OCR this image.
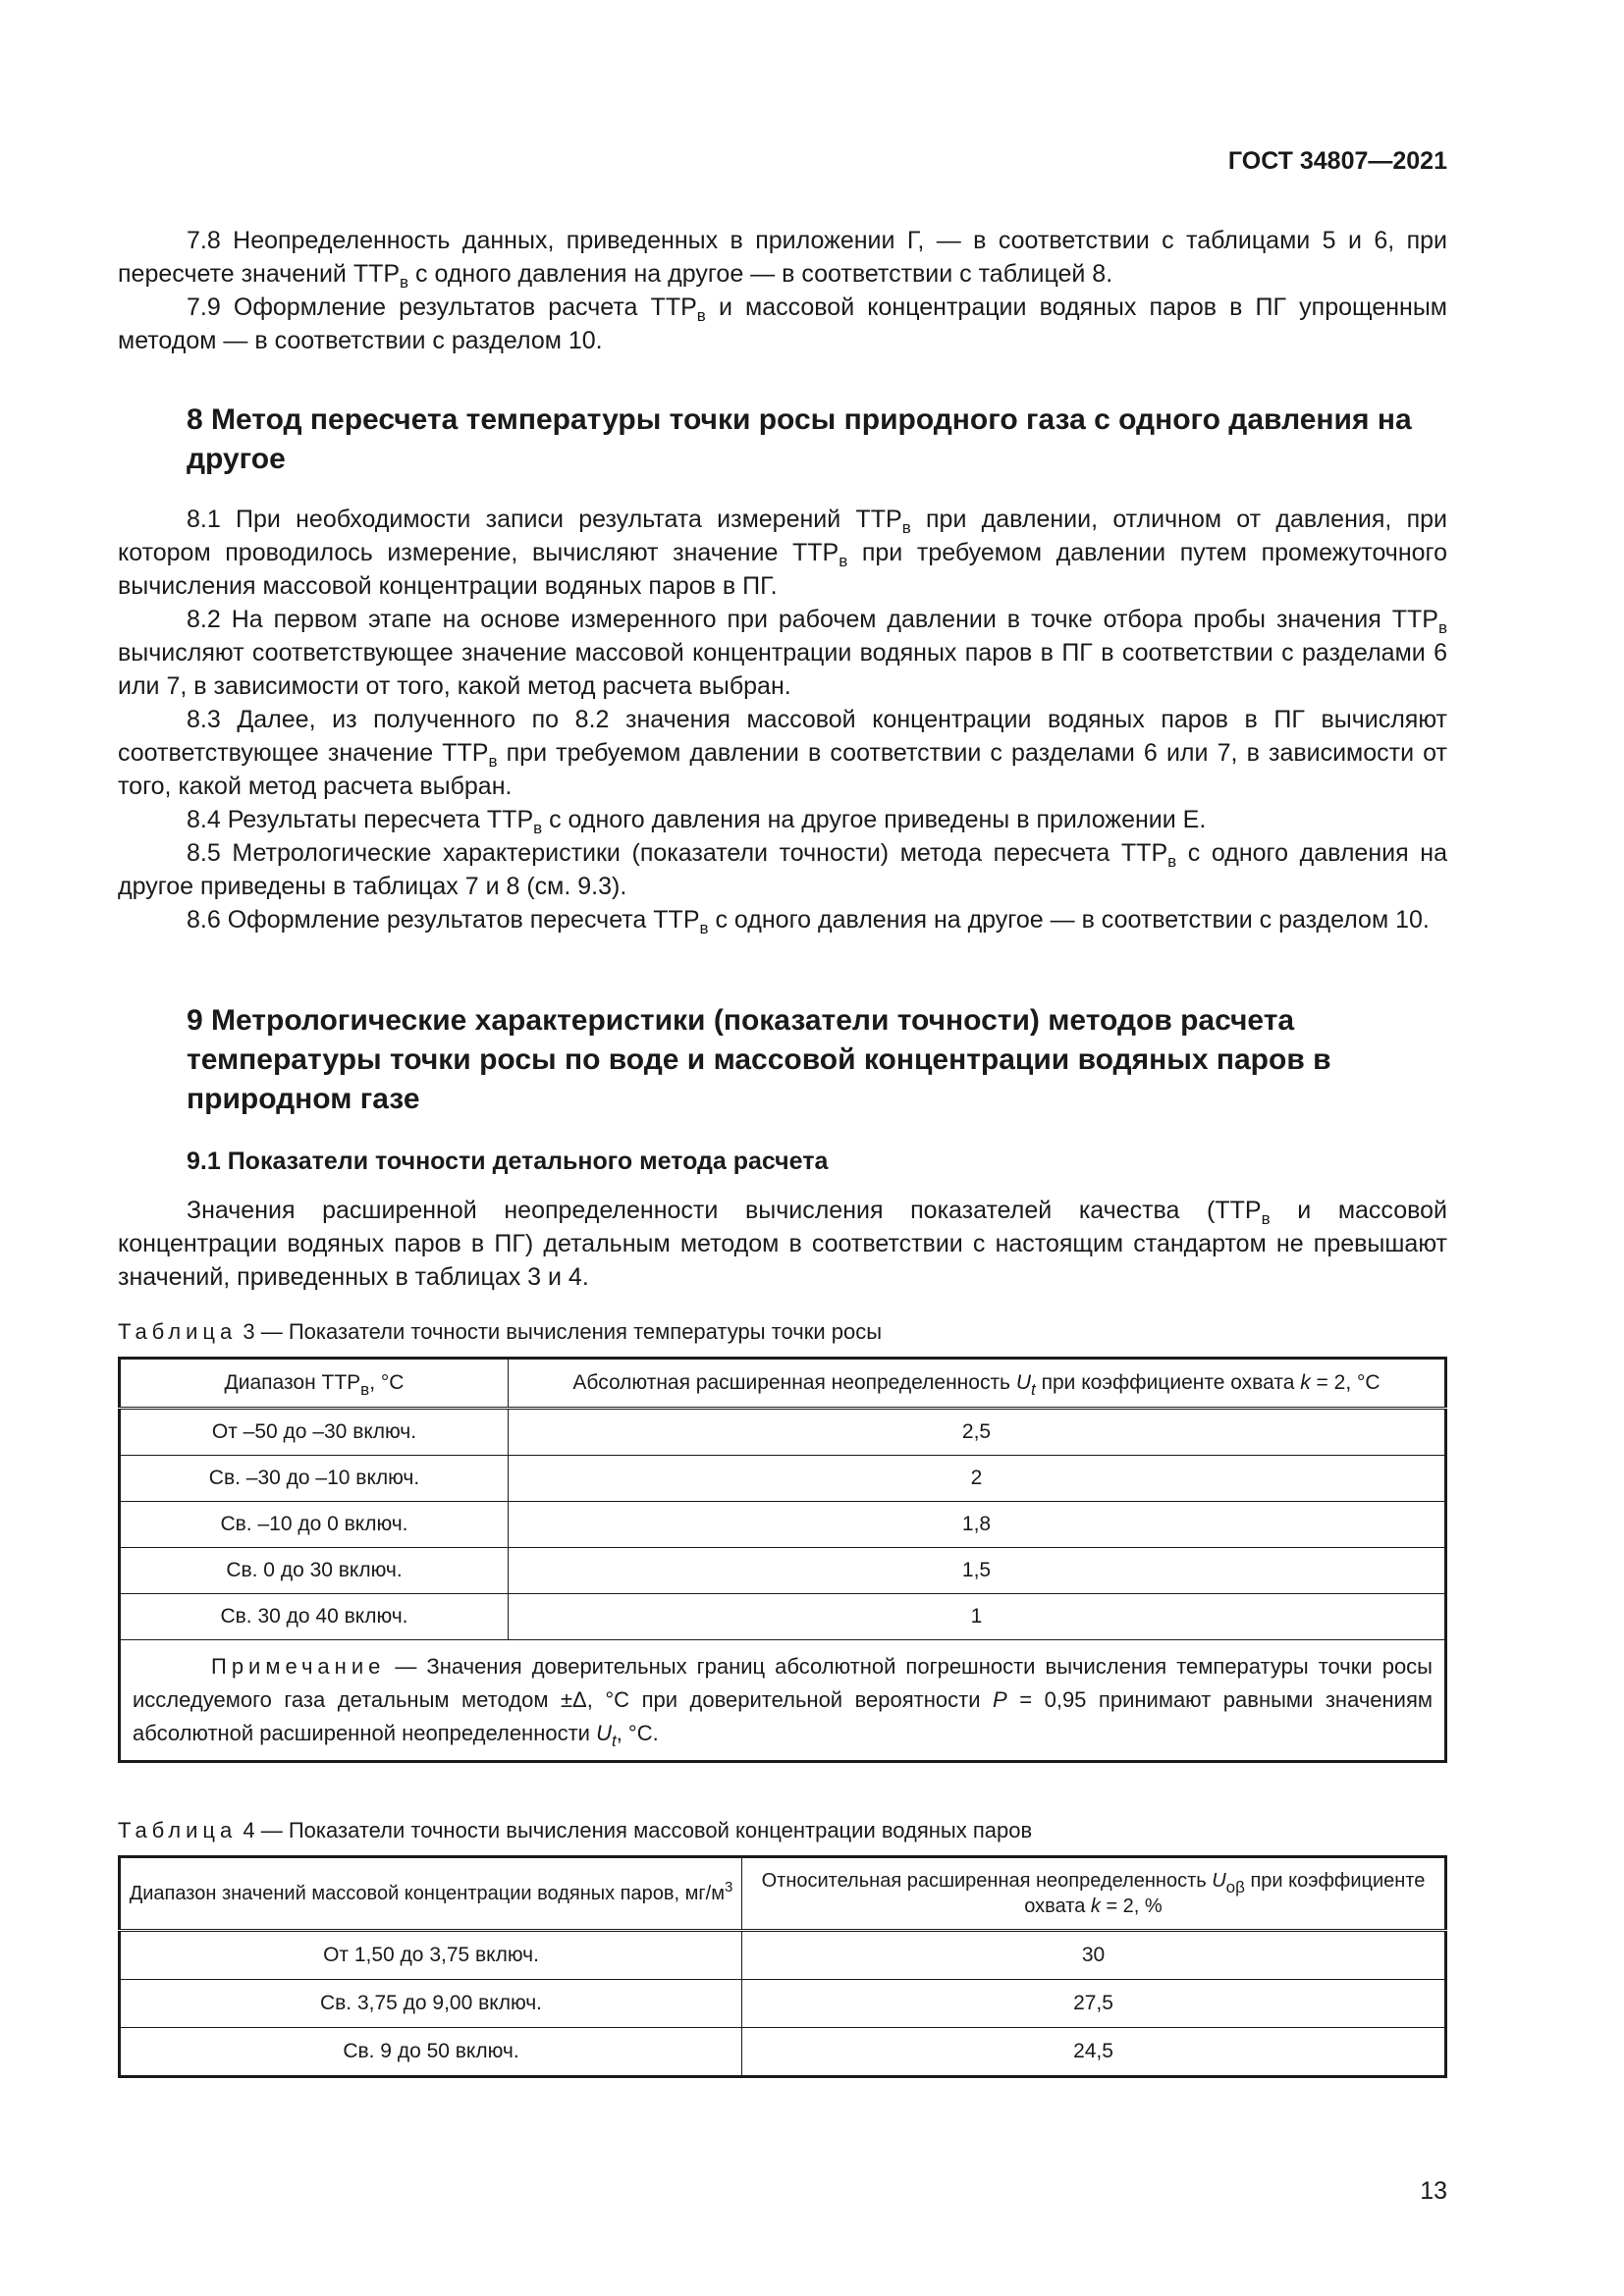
ГОСТ 34807—2021

7.8 Неопределенность данных, приведенных в приложении Г, — в соответствии с таблицами 5 и 6, при пересчете значений $ТТР_в$ с одного давления на другое — в соответствии с таблицей 8.

7.9 Оформление результатов расчета $ТТР_в$ и массовой концентрации водяных паров в ПГ упрощенным методом — в соответствии с разделом 10.

8 Метод пересчета температуры точки росы природного газа с одного давления на другое

8.1 При необходимости записи результата измерений $ТТР_в$ при давлении, отличном от давления, при котором проводилось измерение, вычисляют значение $ТТР_в$ при требуемом давлении путем промежуточного вычисления массовой концентрации водяных паров в ПГ.

8.2 На первом этапе на основе измеренного при рабочем давлении в точке отбора пробы значения $ТТР_в$ вычисляют соответствующее значение массовой концентрации водяных паров в ПГ в соответствии с разделами 6 или 7, в зависимости от того, какой метод расчета выбран.

8.3 Далее, из полученного по 8.2 значения массовой концентрации водяных паров в ПГ вычисляют соответствующее значение $ТТР_в$ при требуемом давлении в соответствии с разделами 6 или 7, в зависимости от того, какой метод расчета выбран.

8.4 Результаты пересчета $ТТР_в$ с одного давления на другое приведены в приложении Е.

8.5 Метрологические характеристики (показатели точности) метода пересчета $ТТР_в$ с одного давления на другое приведены в таблицах 7 и 8 (см. 9.3).

8.6 Оформление результатов пересчета $ТТР_в$ с одного давления на другое — в соответствии с разделом 10.

9 Метрологические характеристики (показатели точности) методов расчета температуры точки росы по воде и массовой концентрации водяных паров в природном газе
9.1 Показатели точности детального метода расчета

Значения расширенной неопределенности вычисления показателей качества ($ТТР_в$ и массовой концентрации водяных паров в ПГ) детальным методом в соответствии с настоящим стандартом не превышают значений, приведенных в таблицах 3 и 4.

Таблица 3 — Показатели точности вычисления температуры точки росы
Диапазон $ТТР_в$, °С	Абсолютная расширенная неопределенность $U_t$ при коэффициенте охвата k = 2, °С
От –50 до –30 включ.	2,5
Св. –30 до –10 включ.	2
Св. –10 до 0 включ.	1,8
Св. 0 до 30 включ.	1,5
Св. 30 до 40 включ.	1
Примечание — Значения доверительных границ абсолютной погрешности вычисления температуры точки росы исследуемого газа детальным методом ±Δ, °С при доверительной вероятности P = 0,95 принимают равными значениям абсолютной расширенной неопределенности $U_t$, °С.	
Таблица 4 — Показатели точности вычисления массовой концентрации водяных паров
Диапазон значений массовой концентрации водяных паров, $мг/м^3$	Относительная расширенная неопределенность $U_{o\beta}$ при коэффициенте охвата k = 2, %
От 1,50 до 3,75 включ.	30
Св. 3,75 до 9,00 включ.	27,5
Св. 9 до 50 включ.	24,5
13
